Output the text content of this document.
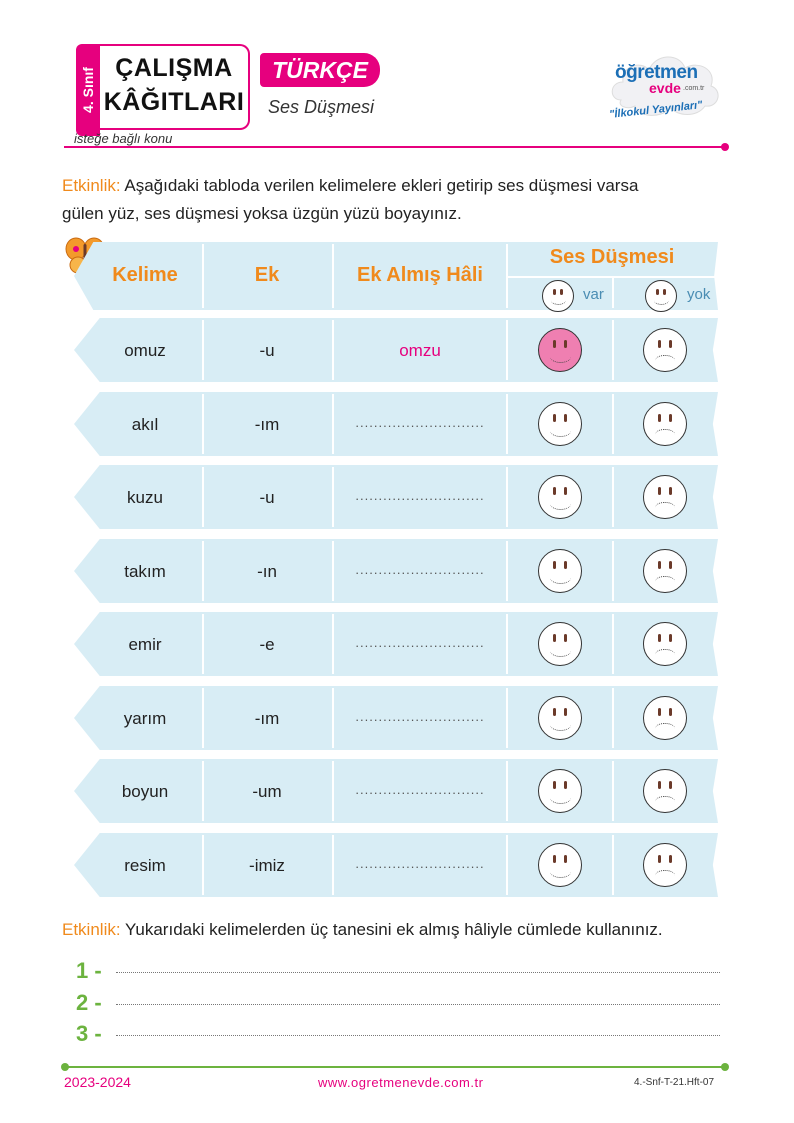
4. Sınıf ÇALIŞMA
KÂĞITLARI
TÜRKÇE
Ses Düşmesi
isteğe bağlı konu
öğretmen
evde .com.tr
"İlkokul Yayınları"
Etkinlik: Aşağıdaki tabloda verilen kelimelere ekleri getirip ses düşmesi varsa
gülen yüz, ses düşmesi yoksa üzgün yüzü boyayınız.
Kelime	Ek	Ek Almış Hâli
Ses Düşmesi
var	yok
omuz	-u	omzu
akıl	-ım	............................
kuzu	-u	............................
takım	-ın	............................
emir	-e	............................
yarım	-ım	............................
boyun	-um	............................
resim	-imiz	............................
Etkinlik: Yukarıdaki kelimelerden üç tanesini ek almış hâliyle cümlede kullanınız.
1 -
2 -
3 -
2023-2024	www.ogretmenevde.com.tr	4.-Snf-T-21.Hft-07
